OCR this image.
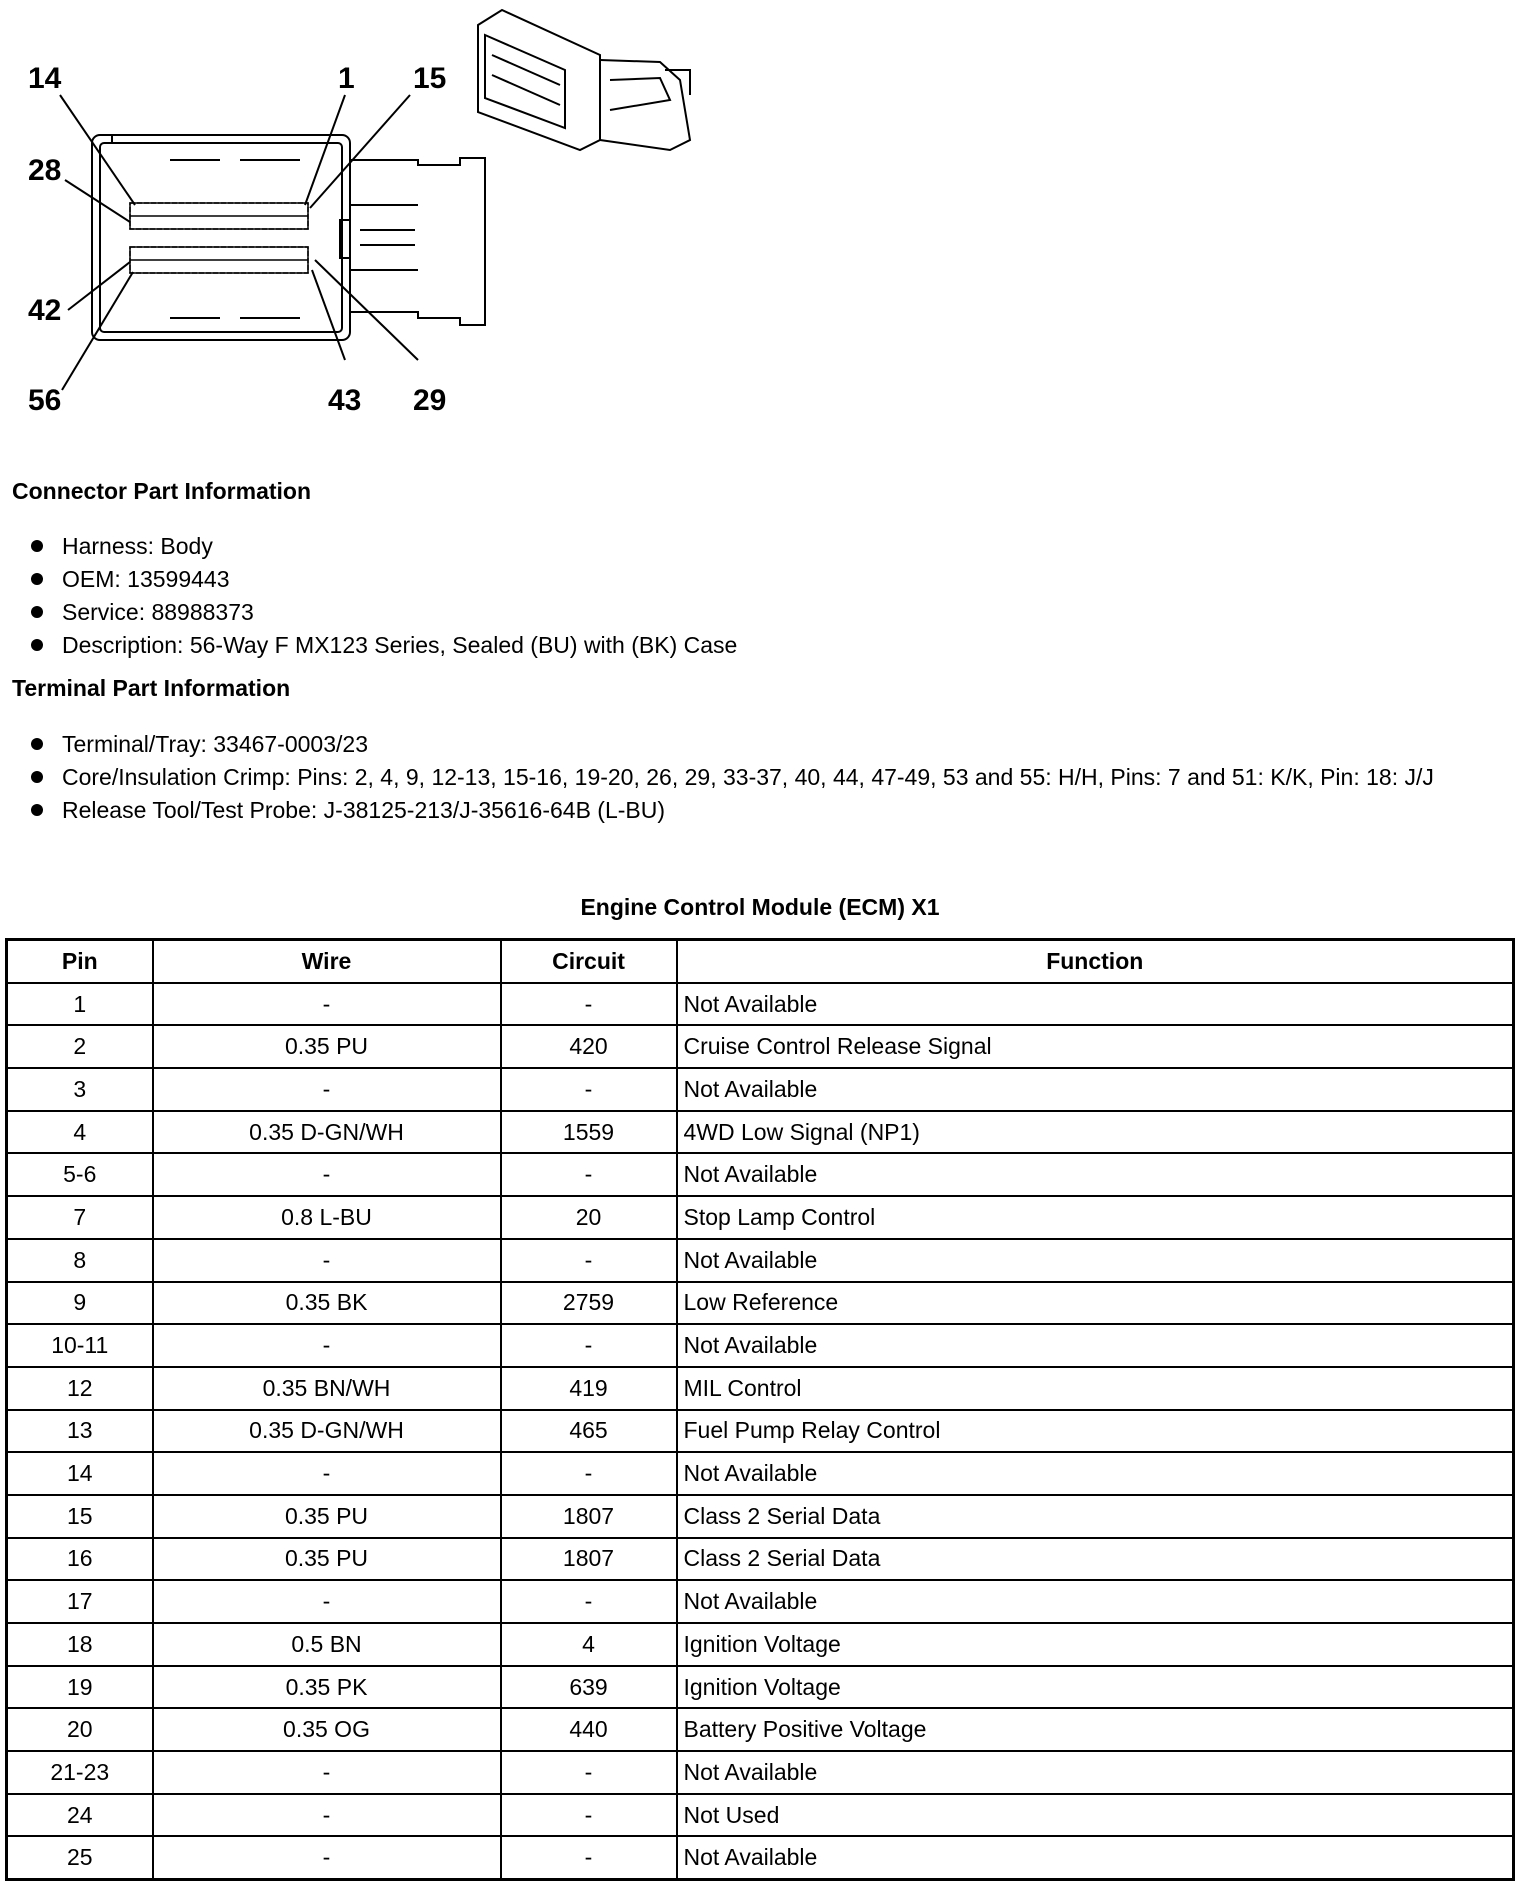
14	1 15
28
42
56	43 29
Connector Part Information
Harness: Body
OEM: 13599443
Service: 88988373
Description: 56-Way F MX123 Series, Sealed (BU) with (BK) Case
Terminal Part Information
Terminal/Tray: 33467-0003/23
Core/Insulation Crimp: Pins: 2, 4, 9, 12-13, 15-16, 19-20, 26, 29, 33-37, 40, 44, 47-49, 53 and 55: H/H, Pins: 7 and 51: K/K, Pin: 18: J/J
Release Tool/Test Probe: J-38125-213/J-35616-64B (L-BU)
Engine Control Module (ECM) X1
Pin	Wire	Circuit	Function
1	-	-	Not Available
2	0.35 PU	420	Cruise Control Release Signal
3	-	-	Not Available
4	0.35 D-GN/WH	1559	4WD Low Signal (NP1)
5-6	-	-	Not Available
7	0.8 L-BU	20	Stop Lamp Control
8	-	-	Not Available
9	0.35 BK	2759	Low Reference
10-11	-	-	Not Available
12	0.35 BN/WH	419	MIL Control
13	0.35 D-GN/WH	465	Fuel Pump Relay Control
14	-	-	Not Available
15	0.35 PU	1807	Class 2 Serial Data
16	0.35 PU	1807	Class 2 Serial Data
17	-	-	Not Available
18	0.5 BN	4	Ignition Voltage
19	0.35 PK	639	Ignition Voltage
20	0.35 OG	440	Battery Positive Voltage
21-23	-	-	Not Available
24	-	-	Not Used
25	-	-	Not Available
